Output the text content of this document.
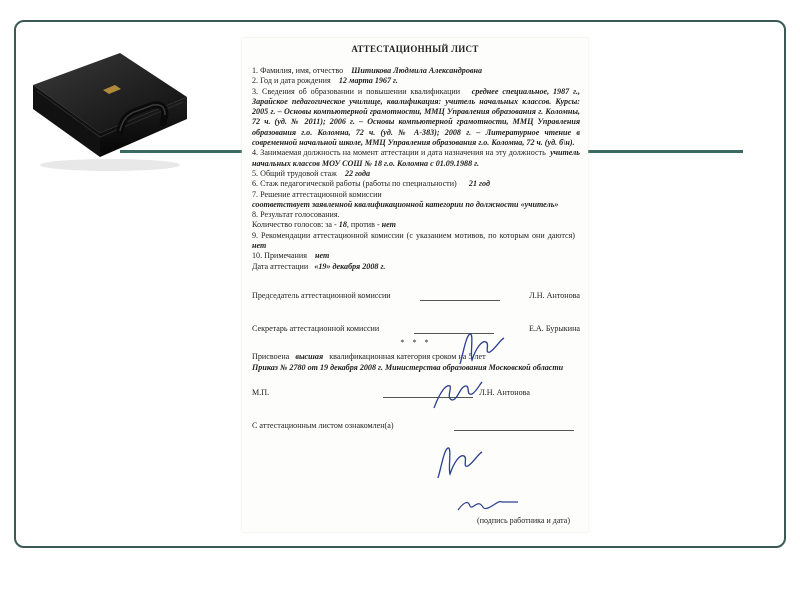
АТТЕСТАЦИОННЫЙ ЛИСТ

1. Фамилия, имя, отчество Шитикова Людмила Александровна

2. Год и дата рождения 12 марта 1967 г.

3. Сведения об образовании и повышении квалификации среднее специальное, 1987 г., Зарайское педагогическое училище, квалификация: учитель начальных классов. Курсы: 2005 г. – Основы компьютерной грамотности, ММЦ Управления образования г. Коломны, 72 ч. (уд. № 2011); 2006 г. – Основы компьютерной грамотности, ММЦ Управления образования г.о. Коломна, 72 ч. (уд. № А-383); 2008 г. – Литературное чтение в современной начальной школе, ММЦ Управления образования г.о. Коломна, 72 ч. (уд. б\н).

4. Занимаемая должность на момент аттестации и дата назначения на эту должность учитель начальных классов МОУ СОШ № 18 г.о. Коломна с 01.09.1988 г.

5. Общий трудовой стаж 22 года

6. Стаж педагогической работы (работы по специальности) 21 год

7. Решение аттестационной комиссии
соответствует заявленной квалификационной категории по должности «учитель»

8. Результат голосования.

Количество голосов: за - 18, против - нет

9. Рекомендации аттестационной комиссии (с указанием мотивов, по которым они даются)   нет

10. Примечания нет

Дата аттестации «19» декабря 2008 г.

Председатель аттестационной комиссии	Л.Н. Антонова
Секретарь аттестационной комиссии	Е.А. Бурыкина
* * *

Присвоена высшая квалификационная категория сроком на 5 лет

Приказ № 2780 от 19 декабря 2008 г. Министерства образования Московской области

М.П.	Л.Н. Антонова
С аттестационным листом ознакомлен(а)
(подпись работника и дата)
